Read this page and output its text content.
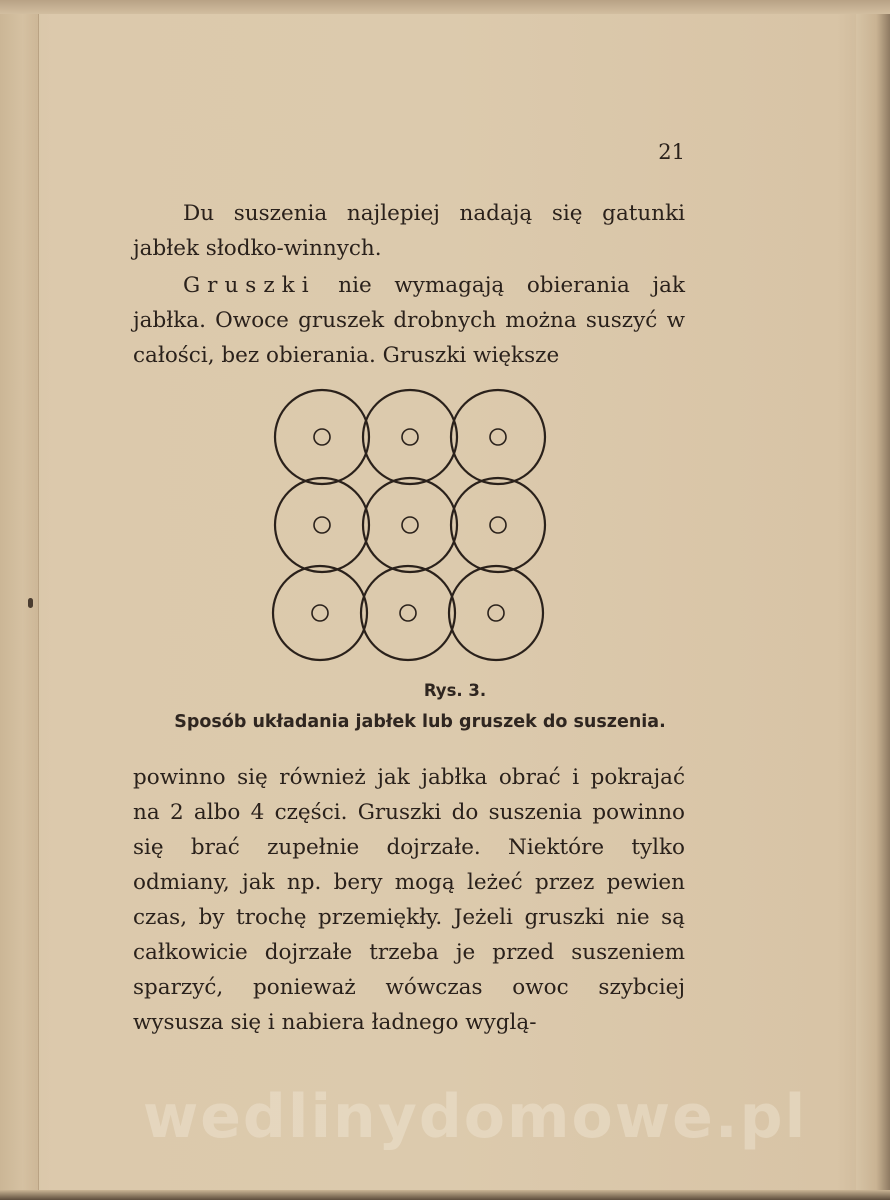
21

Du suszenia najlepiej nadają się gatunki jabłek słodko-winnych.

Gruszki nie wymagają obierania jak jabłka. Owoce gruszek drobnych można suszyć w całości, bez obierania. Gruszki większe

Rys. 3.
Sposób układania jabłek lub gruszek do suszenia.

powinno się również jak jabłka obrać i pokrajać na 2 albo 4 części. Gruszki do suszenia powinno się brać zupełnie dojrzałe. Niektóre tylko odmiany, jak np. bery mogą leżeć przez pewien czas, by trochę przemiękły. Jeżeli gruszki nie są całkowicie dojrzałe trzeba je przed suszeniem sparzyć, ponieważ wówczas owoc szybciej wysusza się i nabiera ładnego wyglą-

wedlinydomowe.pl
